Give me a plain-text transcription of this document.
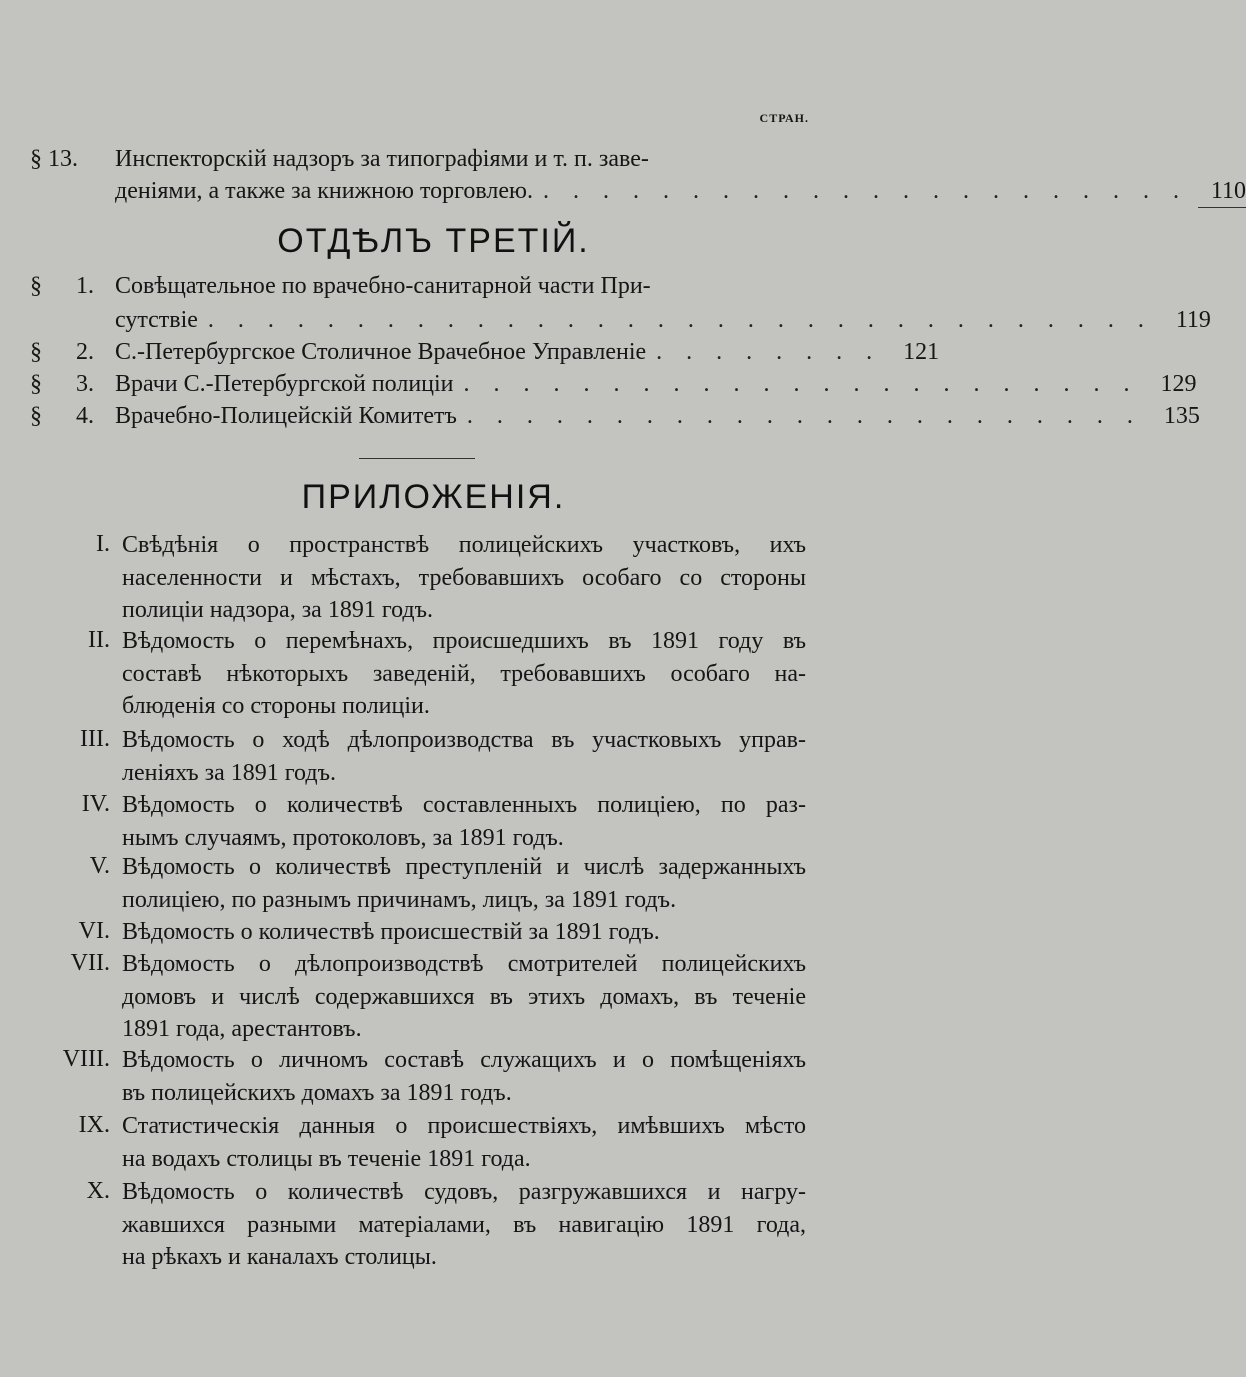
СТРАН.
§ 13.	Инспекторскій надзоръ за типографіями и т. п. заве-
деніями, а также за книжною торговлею. . . . . . . . . . . . . . . . . . . . . . . 110
ОТДѢЛЪ ТРЕТІЙ.
§ 1. Совѣщательное по врачебно-санитарной части При-
сутствіе . . . . . . . . . . . . . . . . . . . . . . . . . . . . . . . . 119
§ 2. С.-Петербургское Столичное Врачебное Управленіе . . . . . . . . 121
§ 3. Врачи С.-Петербургской полиціи . . . . . . . . . . . . . . . . . . . . . . . 129
§ 4. Врачебно-Полицейскій Комитетъ . . . . . . . . . . . . . . . . . . . . . . . 135
ПРИЛОЖЕНІЯ.
I. Свѣдѣнія о пространствѣ полицейскихъ участковъ, ихъ
населенности и мѣстахъ, требовавшихъ особаго со стороны
полиціи надзора, за 1891 годъ.
II. Вѣдомость о перемѣнахъ, происшедшихъ въ 1891 году въ
составѣ нѣкоторыхъ заведеній, требовавшихъ особаго на-
блюденія со стороны полиціи.
III. Вѣдомость о ходѣ дѣлопроизводства въ участковыхъ управ-
леніяхъ за 1891 годъ.
IV. Вѣдомость о количествѣ составленныхъ полиціею, по раз-
нымъ случаямъ, протоколовъ, за 1891 годъ.
V. Вѣдомость о количествѣ преступленій и числѣ задержанныхъ
полиціею, по разнымъ причинамъ, лицъ, за 1891 годъ.
VI. Вѣдомость о количествѣ происшествій за 1891 годъ.
VII. Вѣдомость о дѣлопроизводствѣ смотрителей полицейскихъ
домовъ и числѣ содержавшихся въ этихъ домахъ, въ теченіе
1891 года, арестантовъ.
VIII. Вѣдомость о личномъ составѣ служащихъ и о помѣщеніяхъ
въ полицейскихъ домахъ за 1891 годъ.
IX. Статистическія данныя о происшествіяхъ, имѣвшихъ мѣсто
на водахъ столицы въ теченіе 1891 года.
X. Вѣдомость о количествѣ судовъ, разгружавшихся и нагру-
жавшихся разными матеріалами, въ навигацію 1891 года,
на рѣкахъ и каналахъ столицы.
